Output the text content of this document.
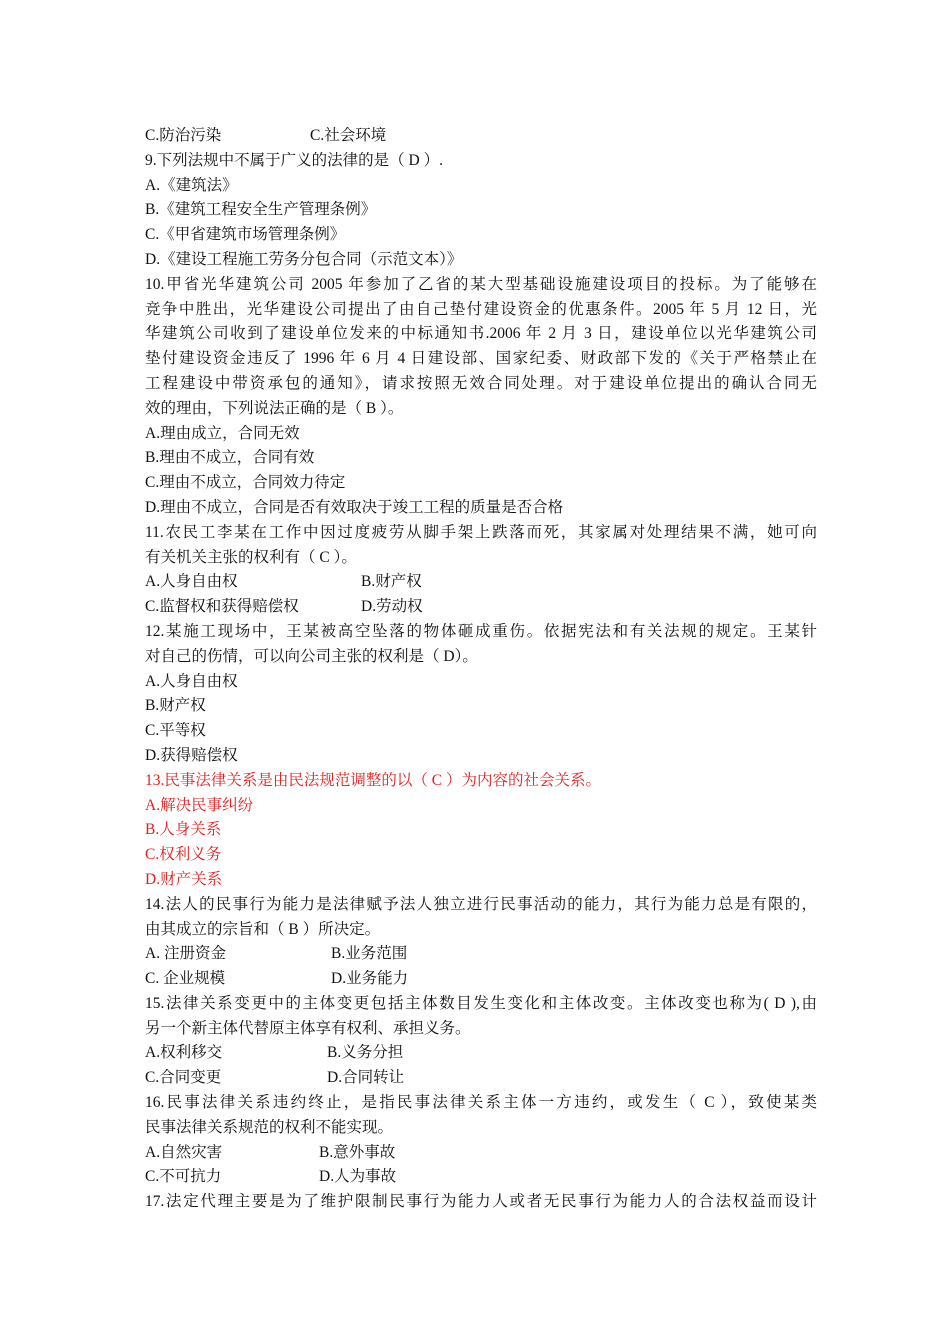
C.防治污染	C.社会环境
9.下列法规中不属于广义的法律的是（ D ）.
A.《建筑法》
B.《建筑工程安全生产管理条例》
C.《甲省建筑市场管理条例》
D.《建设工程施工劳务分包合同（示范文本）》
10.甲省光华建筑公司 2005 年参加了乙省的某大型基础设施建设项目的投标。为了能够在
竞争中胜出，光华建设公司提出了由自己垫付建设资金的优惠条件。2005 年 5 月 12 日，光
华建筑公司收到了建设单位发来的中标通知书.2006 年 2 月 3 日，建设单位以光华建筑公司
垫付建设资金违反了 1996 年 6 月 4 日建设部、国家纪委、财政部下发的《关于严格禁止在
工程建设中带资承包的通知》，请求按照无效合同处理。对于建设单位提出的确认合同无
效的理由，下列说法正确的是（ B ）。
A.理由成立，合同无效
B.理由不成立，合同有效
C.理由不成立，合同效力待定
D.理由不成立，合同是否有效取决于竣工工程的质量是否合格
11.农民工李某在工作中因过度疲劳从脚手架上跌落而死，其家属对处理结果不满，她可向
有关机关主张的权利有（ C ）。
A.人身自由权	B.财产权
C.监督权和获得赔偿权	D.劳动权
12.某施工现场中，王某被高空坠落的物体砸成重伤。依据宪法和有关法规的规定。王某针
对自己的伤情，可以向公司主张的权利是（ D）。
A.人身自由权
B.财产权
C.平等权
D.获得赔偿权
13.民事法律关系是由民法规范调整的以（ C ）为内容的社会关系。
A.解决民事纠纷
B.人身关系
C.权利义务
D.财产关系
14.法人的民事行为能力是法律赋予法人独立进行民事活动的能力，其行为能力总是有限的，
由其成立的宗旨和（ B ）所决定。
A. 注册资金	B.业务范围
C. 企业规模	D.业务能力
15.法律关系变更中的主体变更包括主体数目发生变化和主体改变。主体改变也称为( D ),由
另一个新主体代替原主体享有权利、承担义务。
A.权利移交	B.义务分担
C.合同变更	D.合同转让
16.民事法律关系违约终止，是指民事法律关系主体一方违约，或发生（ C ），致使某类
民事法律关系规范的权利不能实现。
A.自然灾害	B.意外事故
C.不可抗力	D.人为事故
17.法定代理主要是为了维护限制民事行为能力人或者无民事行为能力人的合法权益而设计
